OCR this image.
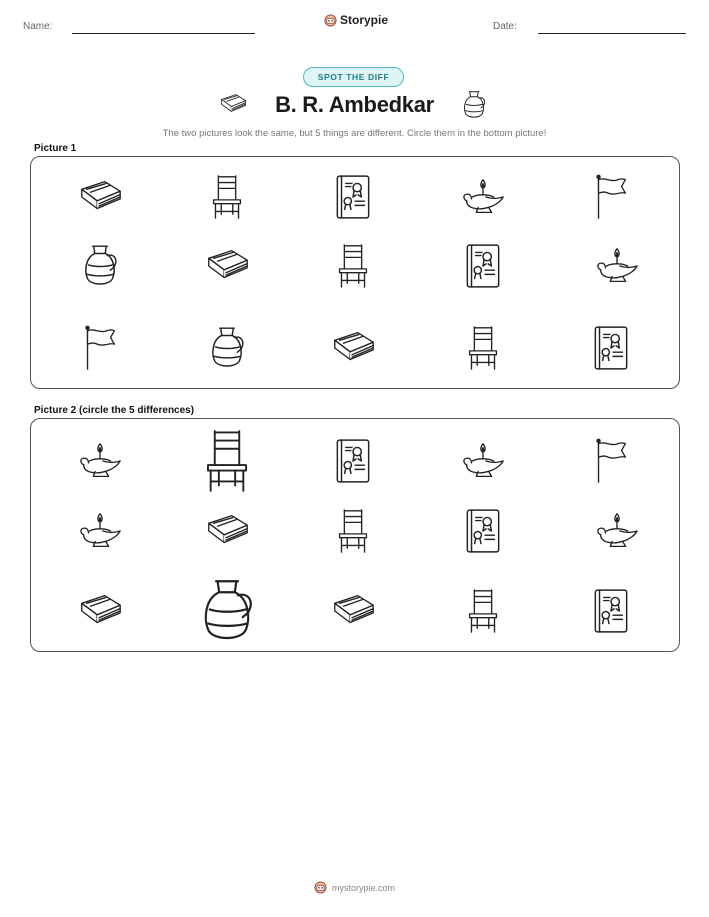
Name:	Storypie	Date:
SPOT THE DIFF
B. R. Ambedkar
The two pictures look the same, but 5 things are different. Circle them in the bottom picture!
Picture 1
Picture 2 (circle the 5 differences)
mystorypie.com
